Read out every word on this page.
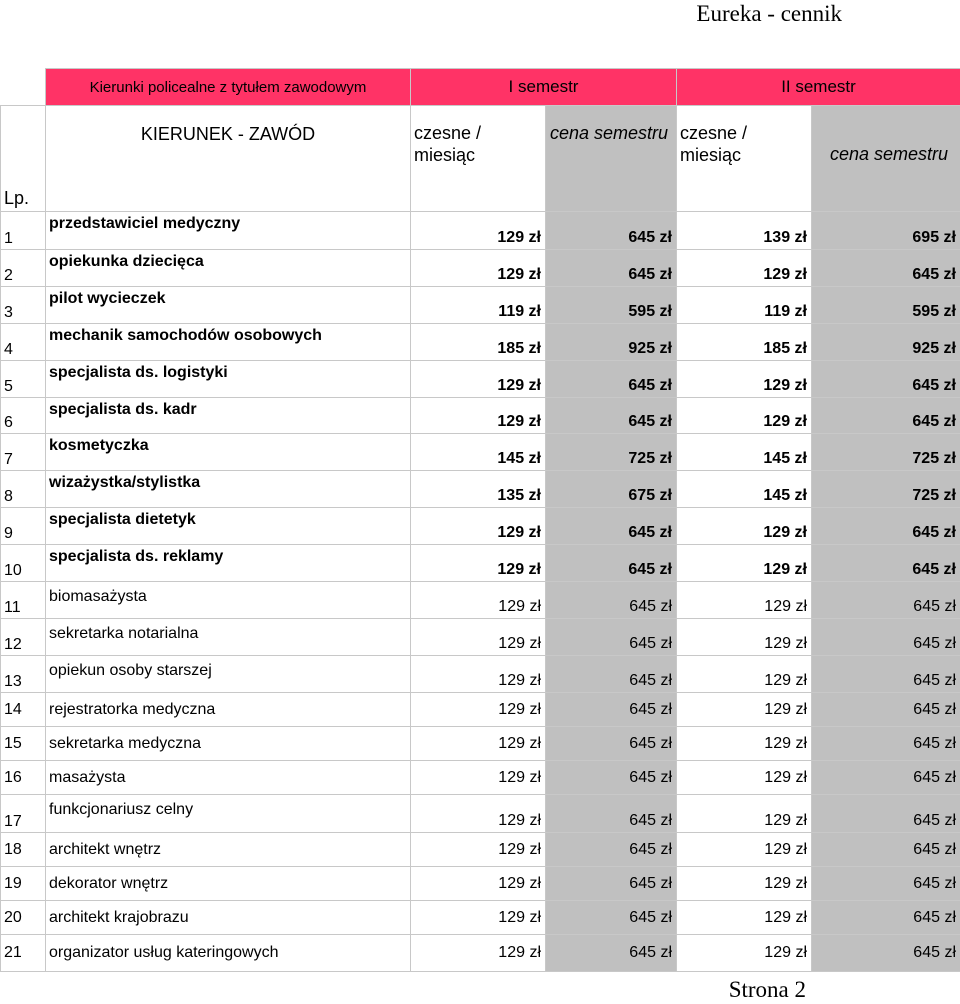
Eureka - cennik
	Kierunki policealne z tytułem zawodowym	I semestr		II semestr	
Lp.	KIERUNEK - ZAWÓD	czesne / miesiąc	cena semestru	czesne / miesiąc	cena semestru
1	przedstawiciel medyczny	129 zł	645 zł	139 zł	695 zł
2	opiekunka dziecięca	129 zł	645 zł	129 zł	645 zł
3	pilot wycieczek	119 zł	595 zł	119 zł	595 zł
4	mechanik samochodów osobowych	185 zł	925 zł	185 zł	925 zł
5	specjalista ds. logistyki	129 zł	645 zł	129 zł	645 zł
6	specjalista ds. kadr	129 zł	645 zł	129 zł	645 zł
7	kosmetyczka	145 zł	725 zł	145 zł	725 zł
8	wizażystka/stylistka	135 zł	675 zł	145 zł	725 zł
9	specjalista dietetyk	129 zł	645 zł	129 zł	645 zł
10	specjalista ds. reklamy	129 zł	645 zł	129 zł	645 zł
11	biomasażysta	129 zł	645 zł	129 zł	645 zł
12	sekretarka notarialna	129 zł	645 zł	129 zł	645 zł
13	opiekun osoby starszej	129 zł	645 zł	129 zł	645 zł
14	rejestratorka medyczna	129 zł	645 zł	129 zł	645 zł
15	sekretarka medyczna	129 zł	645 zł	129 zł	645 zł
16	masażysta	129 zł	645 zł	129 zł	645 zł
17	funkcjonariusz celny	129 zł	645 zł	129 zł	645 zł
18	architekt wnętrz	129 zł	645 zł	129 zł	645 zł
19	dekorator wnętrz	129 zł	645 zł	129 zł	645 zł
20	architekt krajobrazu	129 zł	645 zł	129 zł	645 zł
21	organizator usług kateringowych	129 zł	645 zł	129 zł	645 zł
Strona 2
